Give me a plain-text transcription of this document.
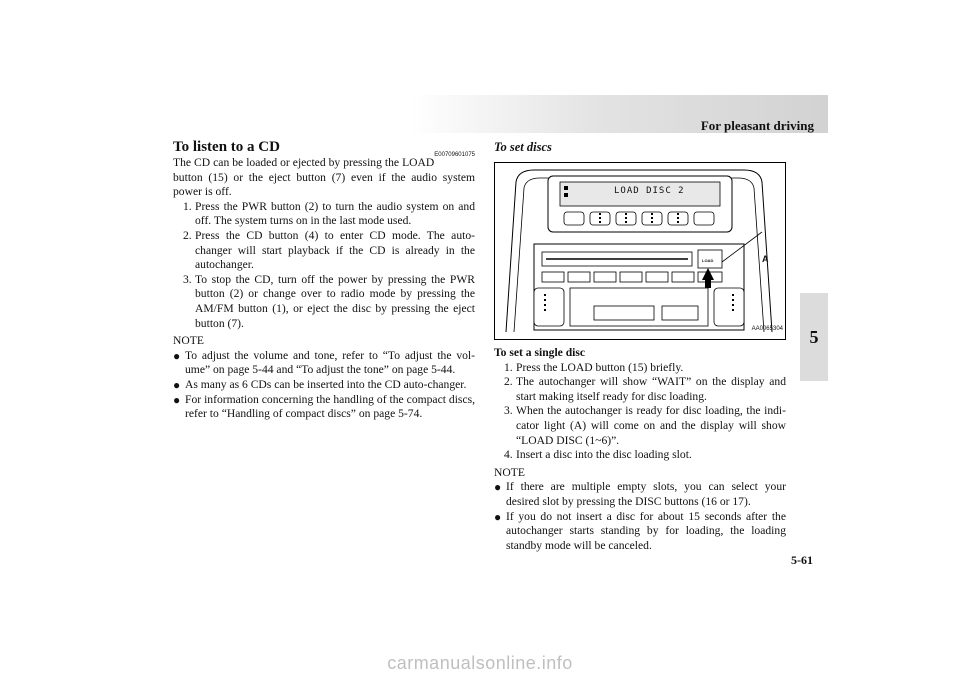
For pleasant driving
5
To listen to a CD	E00709601075

The CD can be loaded or ejected by pressing the LOAD button (15) or the eject button (7) even if the audio system power is off.

1. Press the PWR button (2) to turn the audio system on and off. The system turns on in the last mode used.
2. Press the CD button (4) to enter CD mode. The auto-changer will start playback if the CD is already in the autochanger.
3. To stop the CD, turn off the power by pressing the PWR button (2) or change over to radio mode by pressing the AM/FM button (1), or eject the disc by pressing the eject button (7).
NOTE
● To adjust the volume and tone, refer to “To adjust the vol-ume” on page 5-44 and “To adjust the tone” on page 5-44.
● As many as 6 CDs can be inserted into the CD auto-changer.
● For information concerning the handling of the compact discs, refer to “Handling of compact discs” on page 5-74.
To set discs
LOAD DISC 2
LOAD	A
AA0065304
To set a single disc
1. Press the LOAD button (15) briefly.
2. The autochanger will show “WAIT” on the display and start making itself ready for disc loading.
3. When the autochanger is ready for disc loading, the indi-cator light (A) will come on and the display will show “LOAD DISC (1~6)”.
4. Insert a disc into the disc loading slot.
NOTE
● If there are multiple empty slots, you can select your desired slot by pressing the DISC buttons (16 or 17).
● If you do not insert a disc for about 15 seconds after the autochanger starts standing by for loading, the loading standby mode will be canceled.
5-61
carmanualsonline.info
